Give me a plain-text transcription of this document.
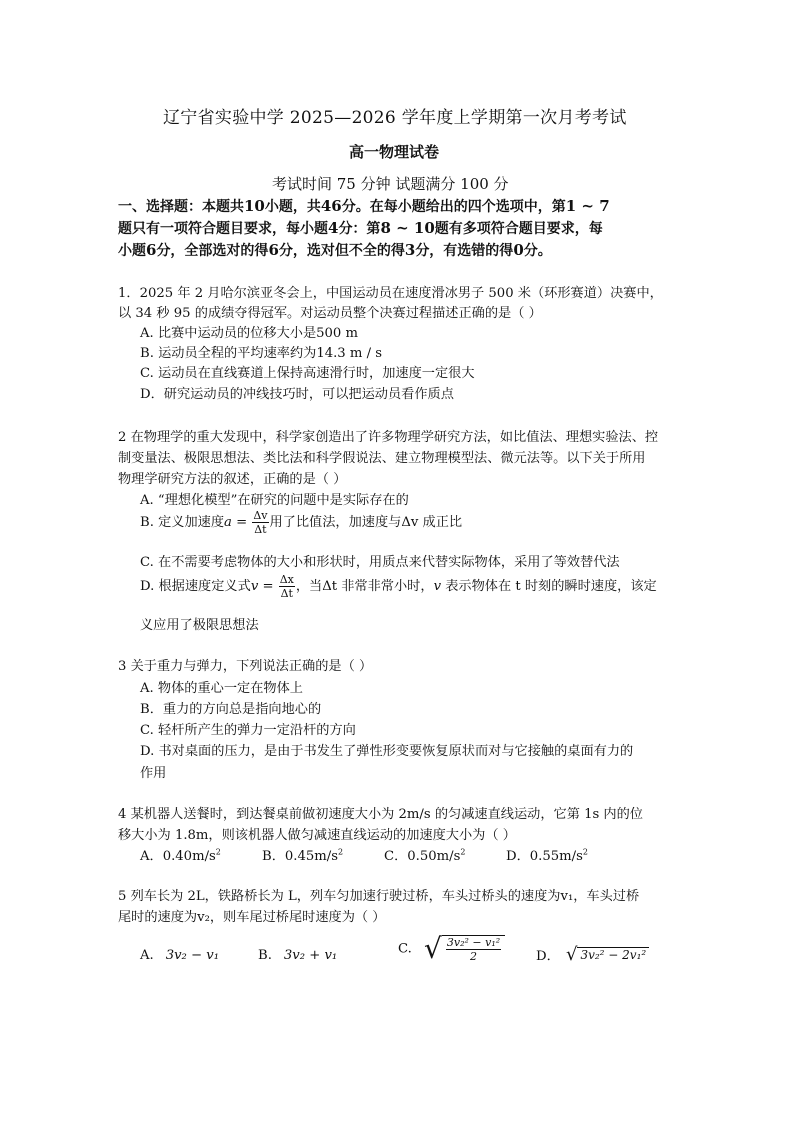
辽宁省实验中学 2025—2026 学年度上学期第一次月考考试
高一物理试卷
考试时间 75 分钟 试题满分 100 分
一、选择题：本题共10小题，共46分。在每小题给出的四个选项中，第1 ~ 7
题只有一项符合题目要求，每小题4分：第8 ~ 10题有多项符合题目要求，每
小题6分，全部选对的得6分，选对但不全的得3分，有选错的得0分。
1．2025 年 2 月哈尔滨亚冬会上，中国运动员在速度滑冰男子 500 米（环形赛道）决赛中，
以 34 秒 95 的成绩夺得冠军。对运动员整个决赛过程描述正确的是（ ）
A. 比赛中运动员的位移大小是500 m
B. 运动员全程的平均速率约为14.3 m / s
C. 运动员在直线赛道上保持高速滑行时，加速度一定很大
D．研究运动员的冲线技巧时，可以把运动员看作质点
2 在物理学的重大发现中，科学家创造出了许多物理学研究方法，如比值法、理想实验法、控
制变量法、极限思想法、类比法和科学假说法、建立物理模型法、微元法等。以下关于所用
物理学研究方法的叙述，正确的是（ ）
A. “理想化模型”在研究的问题中是实际存在的
B. 定义加速度$a = \frac{\Delta v}{\Delta t}$ 用了比值法，加速度与Δv 成正比
C. 在不需要考虑物体的大小和形状时，用质点来代替实际物体，采用了等效替代法
D. 根据速度定义式$v = \frac{\Delta x}{\Delta t}$ ，当Δt 非常非常小时，v 表示物体在 t 时刻的瞬时速度，该定
义应用了极限思想法
3 关于重力与弹力，下列说法正确的是（ ）
A. 物体的重心一定在物体上
B．重力的方向总是指向地心的
C. 轻杆所产生的弹力一定沿杆的方向
D. 书对桌面的压力，是由于书发生了弹性形变要恢复原状而对与它接触的桌面有力的
作用
4 某机器人送餐时，到达餐桌前做初速度大小为 2m/s 的匀减速直线运动，它第 1s 内的位
移大小为 1.8m，则该机器人做匀减速直线运动的加速度大小为（ ）
A．$0.40m/s^2$	B．$0.45m/s^2$	C．$0.50m/s^2$	D．$0.55m/s^2$
5 列车长为 2L，铁路桥长为 L，列车匀加速行驶过桥，车头过桥头的速度为v₁，车头过桥
尾时的速度为v₂，则车尾过桥尾时速度为（ ）
A. 3v₂ − v₁	B. 3v₂ + v₁	C. √ $\frac{\text{3v₂² − v₁²}}{2}$	D． √ 3v₂² − 2v₁²
